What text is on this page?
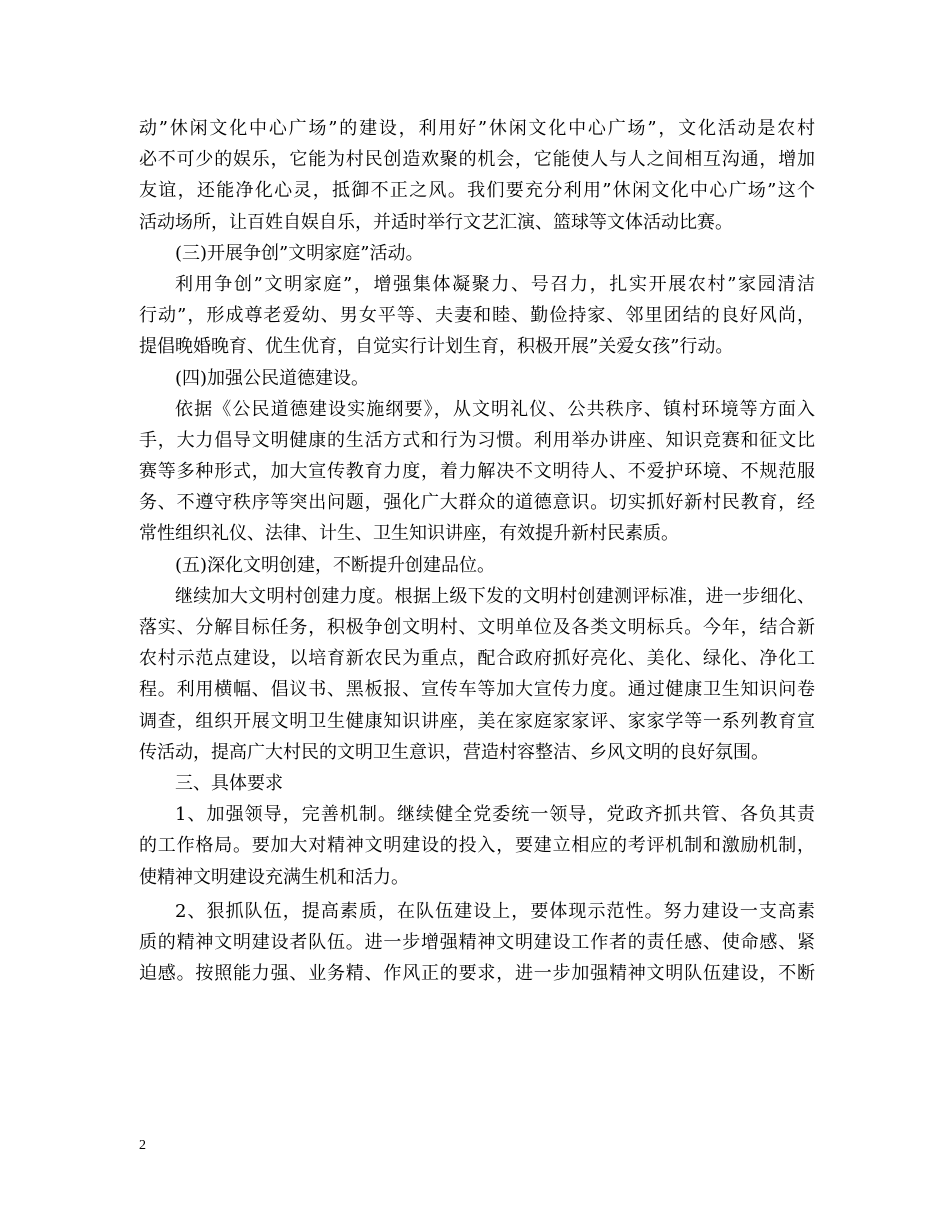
动”休闲文化中心广场”的建设，利用好”休闲文化中心广场”，文化活动是农村
必不可少的娱乐，它能为村民创造欢聚的机会，它能使人与人之间相互沟通，增加
友谊，还能净化心灵，抵御不正之风。我们要充分利用”休闲文化中心广场”这个
活动场所，让百姓自娱自乐，并适时举行文艺汇演、篮球等文体活动比赛。
(三)开展争创”文明家庭”活动。
利用争创”文明家庭”，增强集体凝聚力、号召力，扎实开展农村”家园清洁
行动”，形成尊老爱幼、男女平等、夫妻和睦、勤俭持家、邻里团结的良好风尚，
提倡晚婚晚育、优生优育，自觉实行计划生育，积极开展”关爱女孩”行动。
(四)加强公民道德建设。
依据《公民道德建设实施纲要》，从文明礼仪、公共秩序、镇村环境等方面入
手，大力倡导文明健康的生活方式和行为习惯。利用举办讲座、知识竞赛和征文比
赛等多种形式，加大宣传教育力度，着力解决不文明待人、不爱护环境、不规范服
务、不遵守秩序等突出问题，强化广大群众的道德意识。切实抓好新村民教育，经
常性组织礼仪、法律、计生、卫生知识讲座，有效提升新村民素质。
(五)深化文明创建，不断提升创建品位。
继续加大文明村创建力度。根据上级下发的文明村创建测评标准，进一步细化、
落实、分解目标任务，积极争创文明村、文明单位及各类文明标兵。今年，结合新
农村示范点建设，以培育新农民为重点，配合政府抓好亮化、美化、绿化、净化工
程。利用横幅、倡议书、黑板报、宣传车等加大宣传力度。通过健康卫生知识问卷
调查，组织开展文明卫生健康知识讲座，美在家庭家家评、家家学等一系列教育宣
传活动，提高广大村民的文明卫生意识，营造村容整洁、乡风文明的良好氛围。
三、具体要求
1、加强领导，完善机制。继续健全党委统一领导，党政齐抓共管、各负其责
的工作格局。要加大对精神文明建设的投入，要建立相应的考评机制和激励机制，
使精神文明建设充满生机和活力。
2、狠抓队伍，提高素质，在队伍建设上，要体现示范性。努力建设一支高素
质的精神文明建设者队伍。进一步增强精神文明建设工作者的责任感、使命感、紧
迫感。按照能力强、业务精、作风正的要求，进一步加强精神文明队伍建设，不断
2
